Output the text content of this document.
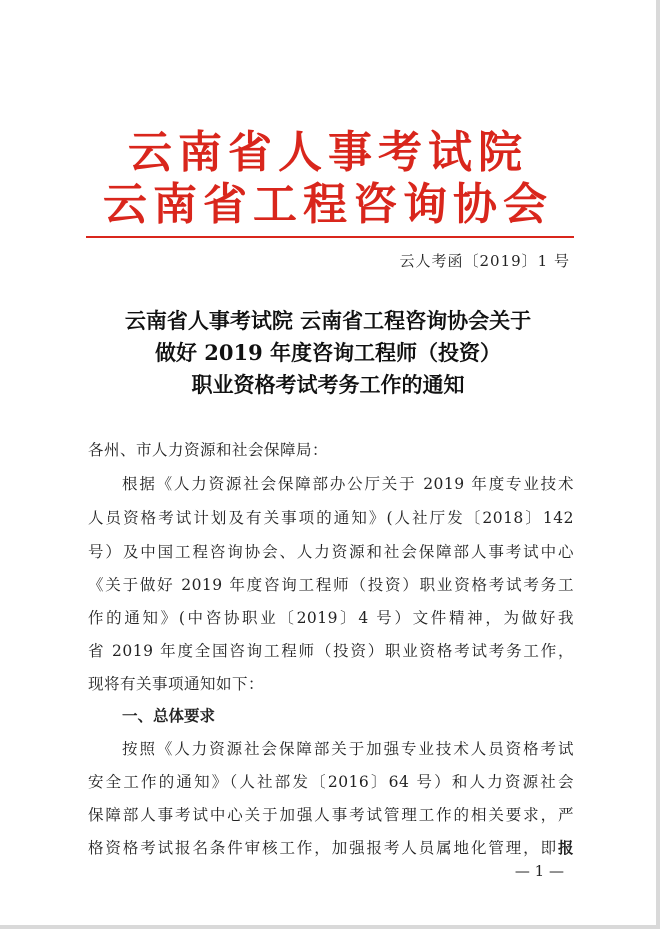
云南省人事考试院
云南省工程咨询协会
云人考函〔2019〕1 号
云南省人事考试院 云南省工程咨询协会关于
做好 2019 年度咨询工程师（投资）
职业资格考试考务工作的通知
各州、市人力资源和社会保障局：
根据《人力资源社会保障部办公厅关于 2019 年度专业技术
人员资格考试计划及有关事项的通知》(人社厅发〔2018〕142
号）及中国工程咨询协会、人力资源和社会保障部人事考试中心
《关于做好 2019 年度咨询工程师（投资）职业资格考试考务工
作的通知》(中咨协职业〔2019〕4 号）文件精神，为做好我
省 2019 年度全国咨询工程师（投资）职业资格考试考务工作，
现将有关事项通知如下：
一、总体要求
按照《人力资源社会保障部关于加强专业技术人员资格考试
安全工作的通知》（人社部发〔2016〕64 号）和人力资源社会
保障部人事考试中心关于加强人事考试管理工作的相关要求，严
格资格考试报名条件审核工作，加强报考人员属地化管理，即报
— 1 —
